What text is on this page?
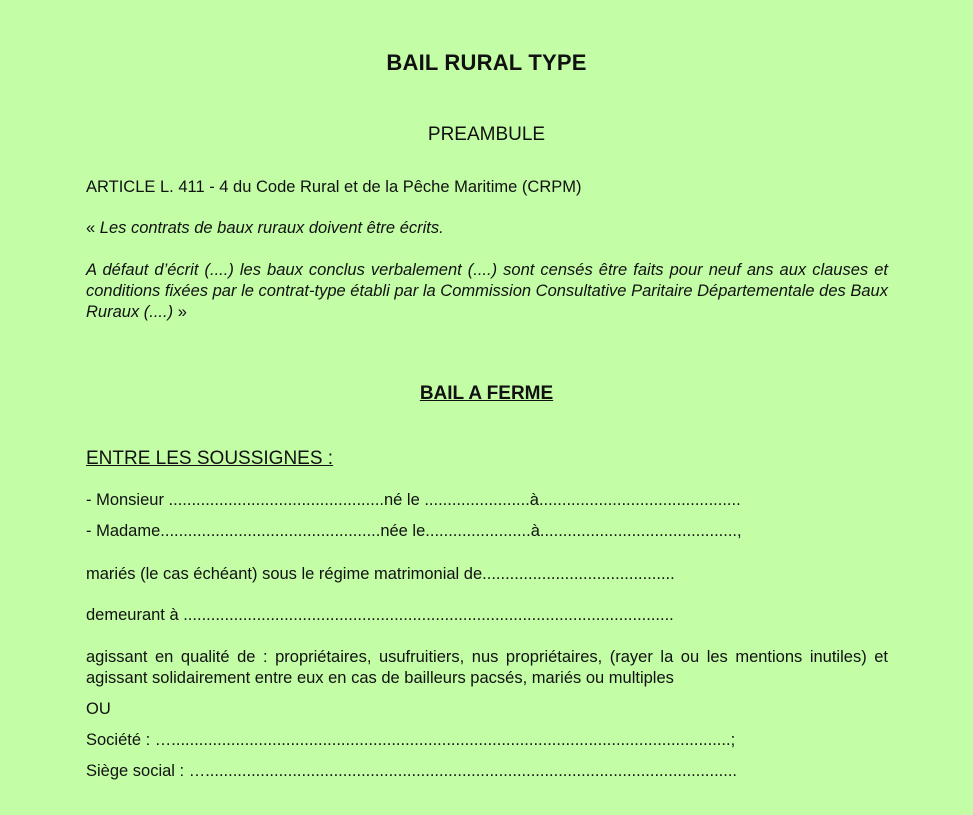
BAIL RURAL TYPE
PREAMBULE
ARTICLE L. 411 - 4 du Code Rural et de la Pêche Maritime (CRPM)
« Les contrats de baux ruraux doivent être écrits.
A défaut d’écrit (....) les baux conclus verbalement (....) sont censés être faits pour neuf ans aux clauses et conditions fixées par le contrat-type établi par la Commission Consultative Paritaire Départementale des Baux Ruraux (....) »
BAIL A FERME
ENTRE LES SOUSSIGNES :
- Monsieur ...............................................né le .......................à............................................
- Madame................................................née le.......................à...........................................,
mariés (le cas échéant) sous le régime matrimonial de..........................................
demeurant à ...........................................................................................................
agissant en qualité de : propriétaires, usufruitiers, nus propriétaires, (rayer la ou les mentions inutiles) et agissant solidairement entre eux en cas de bailleurs pacsés, mariés ou multiples
OU
Société : …..........................................................................................................................;
Siège social : …....................................................................................................................
